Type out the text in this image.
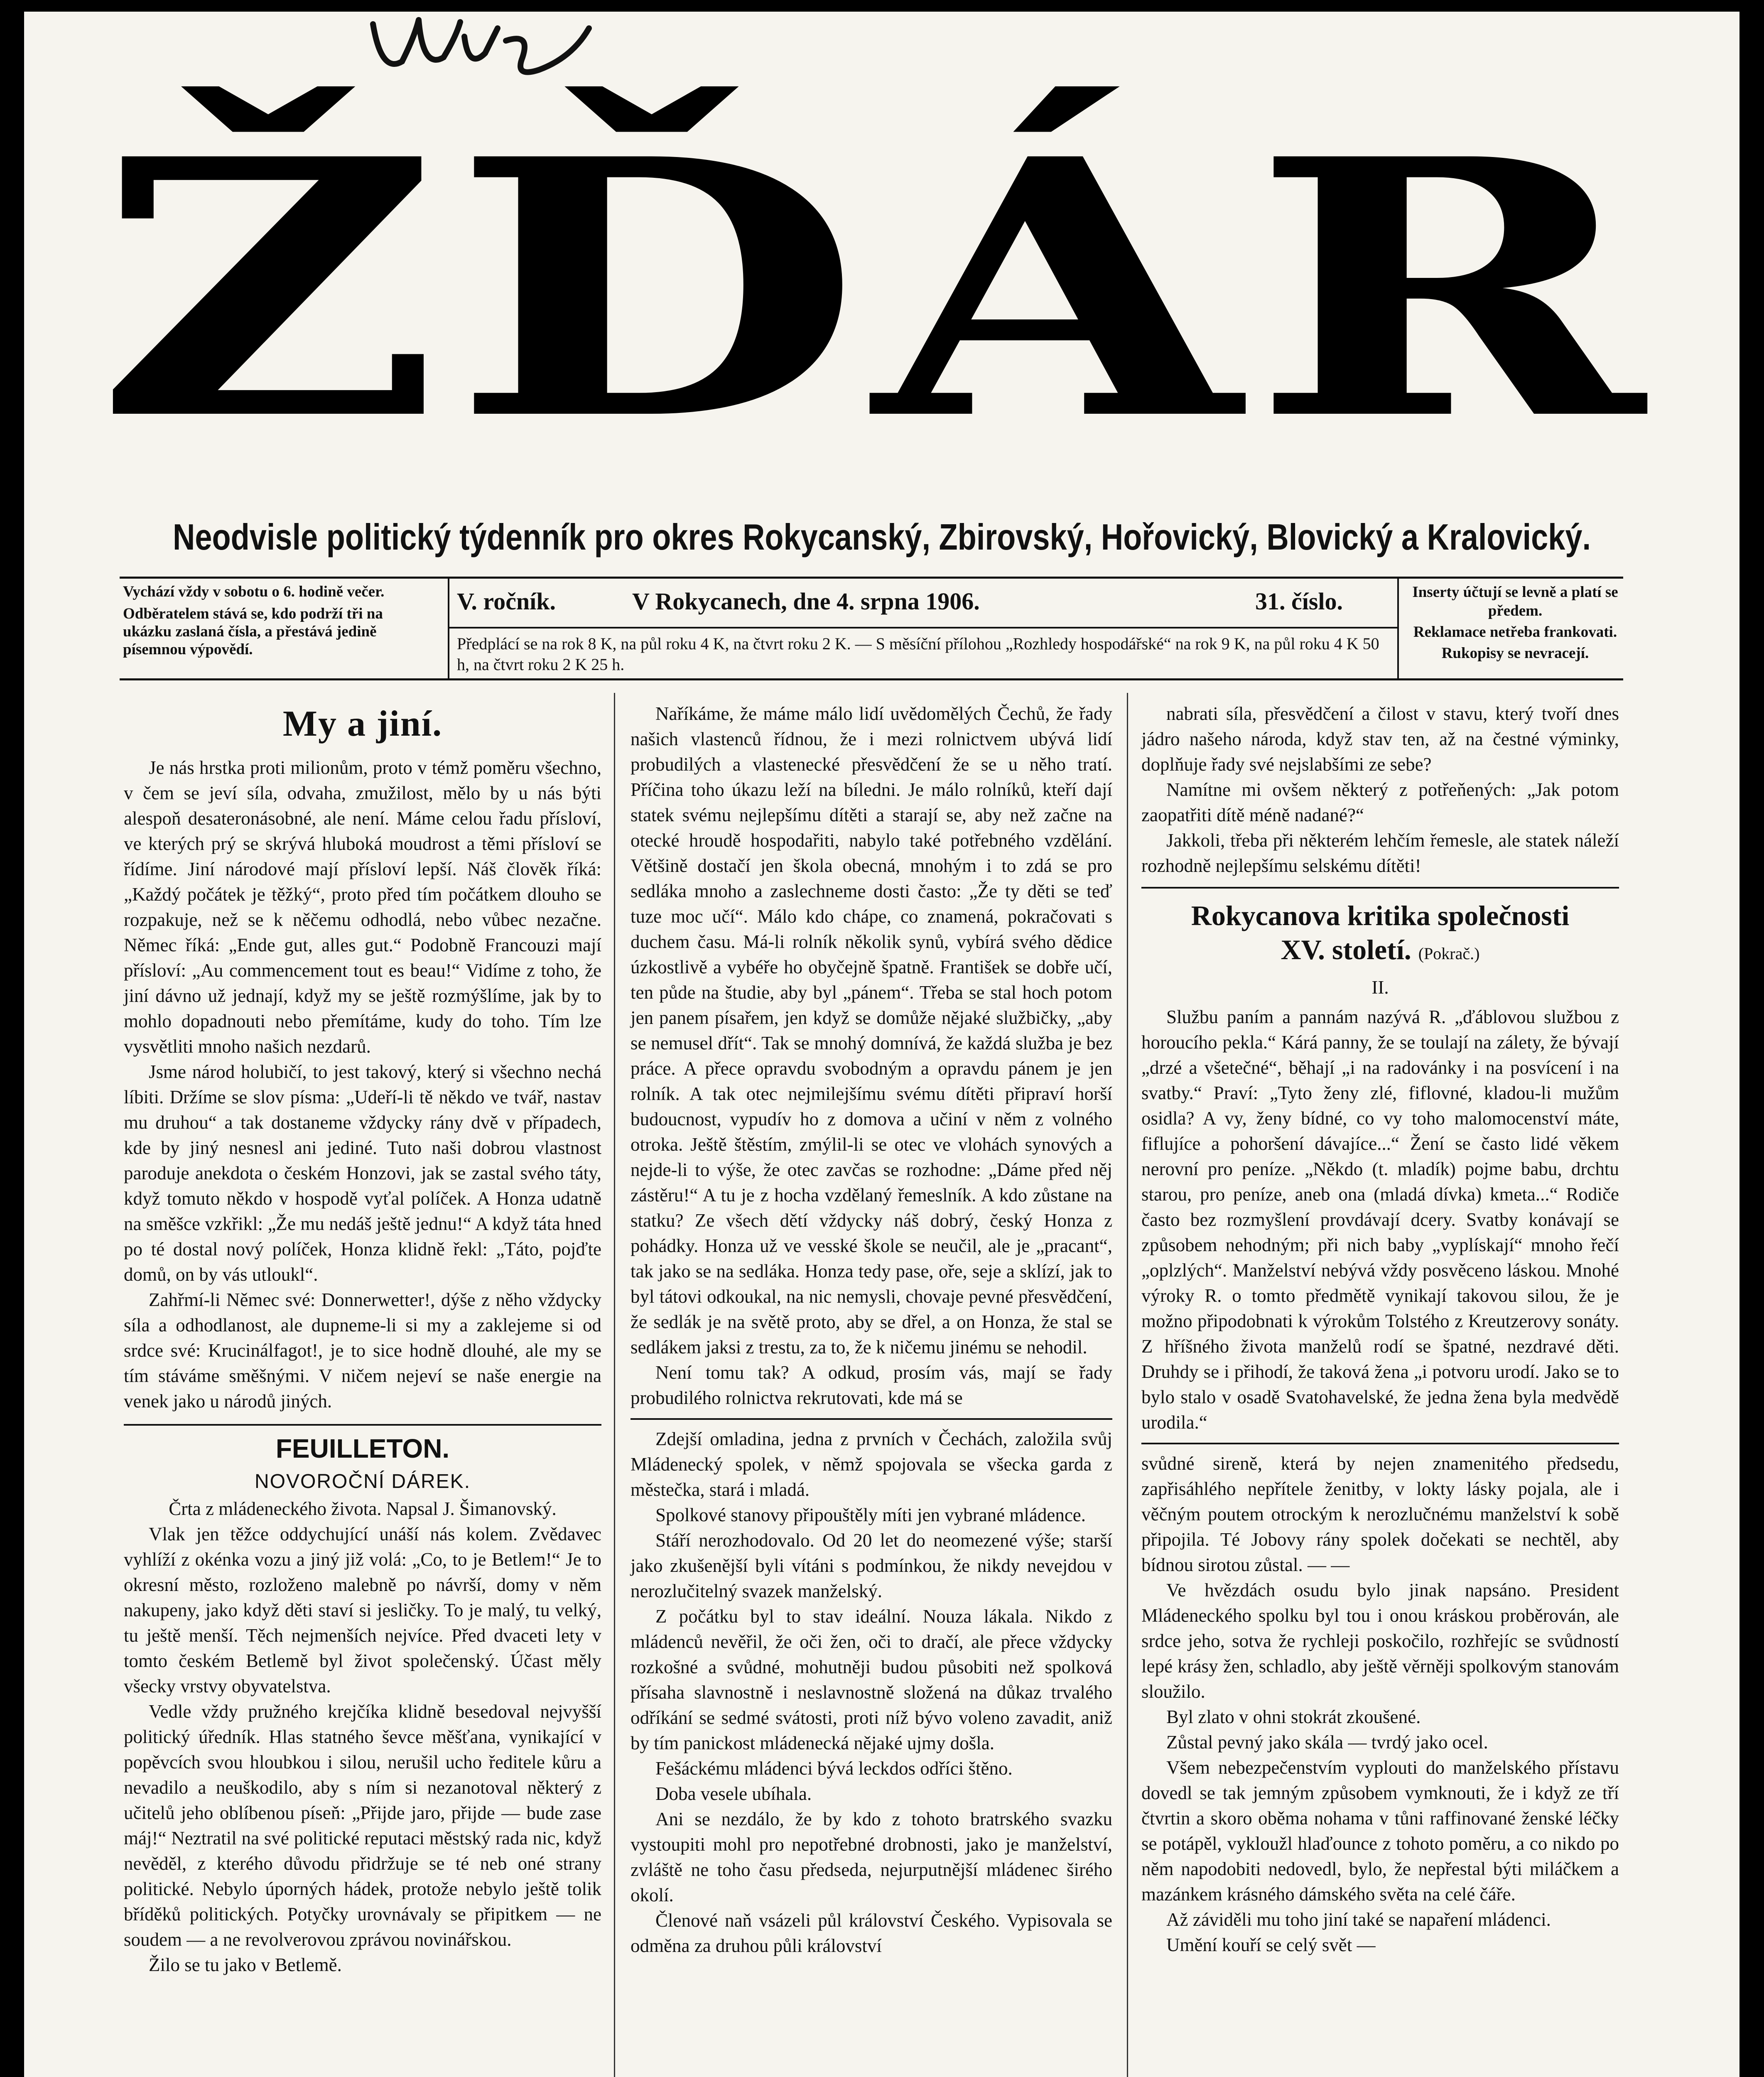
ŽĎÁR
Neodvisle politický týdenník pro okres Rokycanský, Zbirovský, Hořovický, Blovický a Kralovický.

Vychází vždy v sobotu o 6. hodině večer.

Odběratelem stává se, kdo podrží tři na ukázku zaslaná čísla, a přestává jedině písemnou výpovědí.

V. ročník.	V Rokycanech, dne 4. srpna 1906.	31. číslo.
Předplácí se na rok 8 K, na půl roku 4 K, na čtvrt roku 2 K. — S měsíční přílohou „Rozhledy hospodářské“ na rok 9 K, na půl roku 4 K 50 h, na čtvrt roku 2 K 25 h.

Inserty účtují se levně a platí se předem.

Reklamace netřeba frankovati.

Rukopisy se nevracejí.

My a jiní.

Je nás hrstka proti milionům, proto v témž poměru všechno, v čem se jeví síla, odvaha, zmužilost, mělo by u nás býti alespoň desateronásobné, ale není. Máme celou řadu přísloví, ve kterých prý se skrývá hluboká moudrost a těmi přísloví se řídíme. Jiní národové mají přísloví lepší. Náš člověk říká: „Každý počátek je těžký“, proto před tím počátkem dlouho se rozpakuje, než se k něčemu odhodlá, nebo vůbec nezačne. Němec říká: „Ende gut, alles gut.“ Podobně Francouzi mají přísloví: „Au commencement tout es beau!“ Vidíme z toho, že jiní dávno už jednají, když my se ještě rozmýšlíme, jak by to mohlo dopadnouti nebo přemítáme, kudy do toho. Tím lze vysvětliti mnoho našich nezdarů.

Jsme národ holubičí, to jest takový, který si všechno nechá líbiti. Držíme se slov písma: „Udeří-li tě někdo ve tvář, nastav mu druhou“ a tak dostaneme vždycky rány dvě v případech, kde by jiný nesnesl ani jediné. Tuto naši dobrou vlastnost paroduje anekdota o českém Honzovi, jak se zastal svého táty, když tomuto někdo v hospodě vyťal políček. A Honza udatně na směšce vzkřikl: „Že mu nedáš ještě jednu!“ A když táta hned po té dostal nový políček, Honza klidně řekl: „Táto, pojďte domů, on by vás utloukl“.

Zahřmí-li Němec své: Donnerwetter!, dýše z něho vždycky síla a odhodlanost, ale dupneme-li si my a zaklejeme si od srdce své: Krucinálfagot!, je to sice hodně dlouhé, ale my se tím stáváme směšnými. V ničem nejeví se naše energie na venek jako u národů jiných.

FEUILLETON.
NOVOROČNÍ DÁREK.

Črta z mládeneckého života. Napsal J. Šimanovský.

Vlak jen těžce oddychující unáší nás kolem. Zvědavec vyhlíží z okénka vozu a jiný již volá: „Co, to je Betlem!“ Je to okresní město, rozloženo malebně po návrší, domy v něm nakupeny, jako když děti staví si jesličky. To je malý, tu velký, tu ještě menší. Těch nejmenších nejvíce. Před dvaceti lety v tomto českém Betlemě byl život společenský. Účast měly všecky vrstvy obyvatelstva.

Vedle vždy pružného krejčíka klidně besedoval nejvyšší politický úředník. Hlas statného ševce měšťana, vynikající v popěvcích svou hloubkou i silou, nerušil ucho ředitele kůru a nevadilo a neuškodilo, aby s ním si nezanotoval některý z učitelů jeho oblíbenou píseň: „Přijde jaro, přijde — bude zase máj!“ Neztratil na své politické reputaci městský rada nic, když nevěděl, z kterého důvodu přidržuje se té neb oné strany politické. Nebylo úporných hádek, protože nebylo ještě tolik bříděků politických. Potyčky urovnávaly se připitkem — ne soudem — a ne revolverovou zprávou novinářskou.

Žilo se tu jako v Betlemě.

Naříkáme, že máme málo lidí uvědomělých Čechů, že řady našich vlastenců řídnou, že i mezi rolnictvem ubývá lidí probudilých a vlastenecké přesvědčení že se u něho tratí. Příčina toho úkazu leží na bíledni. Je málo rolníků, kteří dají statek svému nejlepšímu dítěti a starají se, aby než začne na otecké hroudě hospodařiti, nabylo také potřebného vzdělání. Většině dostačí jen škola obecná, mnohým i to zdá se pro sedláka mnoho a zaslechneme dosti často: „Že ty děti se teď tuze moc učí“. Málo kdo chápe, co znamená, pokračovati s duchem času. Má-li rolník několik synů, vybírá svého dědice úzkostlivě a vybéře ho obyčejně špatně. František se dobře učí, ten půde na študie, aby byl „pánem“. Třeba se stal hoch potom jen panem písařem, jen když se domůže nějaké službičky, „aby se nemusel dřít“. Tak se mnohý domnívá, že každá služba je bez práce. A přece opravdu svobodným a opravdu pánem je jen rolník. A tak otec nejmilejšímu svému dítěti připraví horší budoucnost, vypudív ho z domova a učiní v něm z volného otroka. Ještě štěstím, zmýlil-li se otec ve vlohách synových a nejde-li to výše, že otec zavčas se rozhodne: „Dáme před něj zástěru!“ A tu je z hocha vzdělaný řemeslník. A kdo zůstane na statku? Ze všech dětí vždycky náš dobrý, český Honza z pohádky. Honza už ve vesské škole se neučil, ale je „pracant“, tak jako se na sedláka. Honza tedy pase, oře, seje a sklízí, jak to byl tátovi odkoukal, na nic nemysli, chovaje pevné přesvědčení, že sedlák je na světě proto, aby se dřel, a on Honza, že stal se sedlákem jaksi z trestu, za to, že k ničemu jinému se nehodil.

Není tomu tak? A odkud, prosím vás, mají se řady probudilého rolnictva rekrutovati, kde má se

Zdejší omladina, jedna z prvních v Čechách, založila svůj Mládenecký spolek, v němž spojovala se všecka garda z městečka, stará i mladá.

Spolkové stanovy připouštěly míti jen vybrané mládence.

Stáří nerozhodovalo. Od 20 let do neomezené výše; starší jako zkušenější byli vítáni s podmínkou, že nikdy nevejdou v nerozlučitelný svazek manželský.

Z počátku byl to stav ideální. Nouza lákala. Nikdo z mládenců nevěřil, že oči žen, oči to dračí, ale přece vždycky rozkošné a svůdné, mohutněji budou působiti než spolková přísaha slavnostně i neslavnostně složená na důkaz trvalého odříkání se sedmé svátosti, proti níž bývo voleno zavadit, aniž by tím panickost mládenecká nějaké ujmy došla.

Fešáckému mládenci bývá leckdos odříci štěno.

Doba vesele ubíhala.

Ani se nezdálo, že by kdo z tohoto bratrského svazku vystoupiti mohl pro nepotřebné drobnosti, jako je manželství, zvláště ne toho času předseda, nejurputnější mládenec širého okolí.

Členové naň vsázeli půl království Českého. Vypisovala se odměna za druhou půli království

nabrati síla, přesvědčení a čilost v stavu, který tvoří dnes jádro našeho národa, když stav ten, až na čestné výminky, doplňuje řady své nejslabšími ze sebe?

Namítne mi ovšem některý z potřeňených: „Jak potom zaopatřiti dítě méně nadané?“

Jakkoli, třeba při některém lehčím řemesle, ale statek náleží rozhodně nejlepšímu selskému dítěti!

Rokycanova kritika společnosti
XV. století. (Pokrač.)

II.

Službu paním a pannám nazývá R. „ďáblovou službou z horoucího pekla.“ Kárá panny, že se toulají na zálety, že bývají „drzé a všetečné“, běhají „i na radovánky i na posvícení i na svatby.“ Praví: „Tyto ženy zlé, fiflovné, kladou-li mužům osidla? A vy, ženy bídné, co vy toho malomocenství máte, fiflujíce a pohoršení dávajíce...“ Žení se často lidé věkem nerovní pro peníze. „Někdo (t. mladík) pojme babu, drchtu starou, pro peníze, aneb ona (mladá dívka) kmeta...“ Rodiče často bez rozmyšlení provdávají dcery. Svatby konávají se způsobem nehodným; při nich baby „vyplískají“ mnoho řečí „oplzlých“. Manželství nebývá vždy posvěceno láskou. Mnohé výroky R. o tomto předmětě vynikají takovou silou, že je možno připodobnati k výrokům Tolstého z Kreutzerovy sonáty. Z hříšného života manželů rodí se špatné, nezdravé děti. Druhdy se i přihodí, že taková žena „i potvoru urodí. Jako se to bylo stalo v osadě Svatohavelské, že jedna žena byla medvědě urodila.“

svůdné sireně, která by nejen znamenitého předsedu, zapřisáhlého nepřítele ženitby, v lokty lásky pojala, ale i věčným poutem otrockým k nerozlučnému manželství k sobě připojila. Té Jobovy rány spolek dočekati se nechtěl, aby bídnou sirotou zůstal. — —

Ve hvězdách osudu bylo jinak napsáno. President Mládeneckého spolku byl tou i onou kráskou proběrován, ale srdce jeho, sotva že rychleji poskočilo, rozhřejíc se svůdností lepé krásy žen, schladlo, aby ještě věrněji spolkovým stanovám sloužilo.

Byl zlato v ohni stokrát zkoušené.

Zůstal pevný jako skála — tvrdý jako ocel.

Všem nebezpečenstvím vyplouti do manželského přístavu dovedl se tak jemným způsobem vymknouti, že i když ze tří čtvrtin a skoro oběma nohama v tůni raffinované ženské léčky se potápěl, vykloužl hlaďounce z tohoto poměru, a co nikdo po něm napodobiti nedovedl, bylo, že nepřestal býti miláčkem a mazánkem krásného dámského světa na celé čáře.

Až záviděli mu toho jiní také se napaření mládenci.

Umění kouří se celý svět —
